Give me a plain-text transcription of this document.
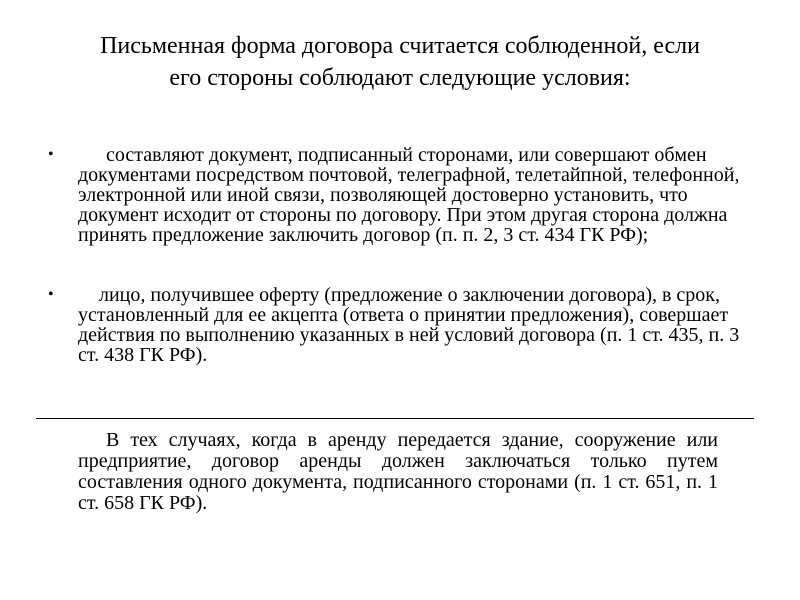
Письменная форма договора считается соблюденной, если
его стороны соблюдают следующие условия:
•	составляют документ, подписанный сторонами, или совершают обмен документами посредством почтовой, телеграфной, телетайпной, телефонной, электронной или иной связи, позволяющей достоверно установить, что документ исходит от стороны по договору. При этом другая сторона должна принять предложение заключить договор (п. п. 2, 3 ст. 434 ГК РФ);
•	лицо, получившее оферту (предложение о заключении договора), в срок, установленный для ее акцепта (ответа о принятии предложения), совершает действия по выполнению указанных в ней условий договора (п. 1 ст. 435, п. 3 ст. 438 ГК РФ).
В тех случаях, когда в аренду передается здание, сооружение или предприятие, договор аренды должен заключаться только путем составления одного документа, подписанного сторонами (п. 1 ст. 651, п. 1 ст. 658 ГК РФ).
